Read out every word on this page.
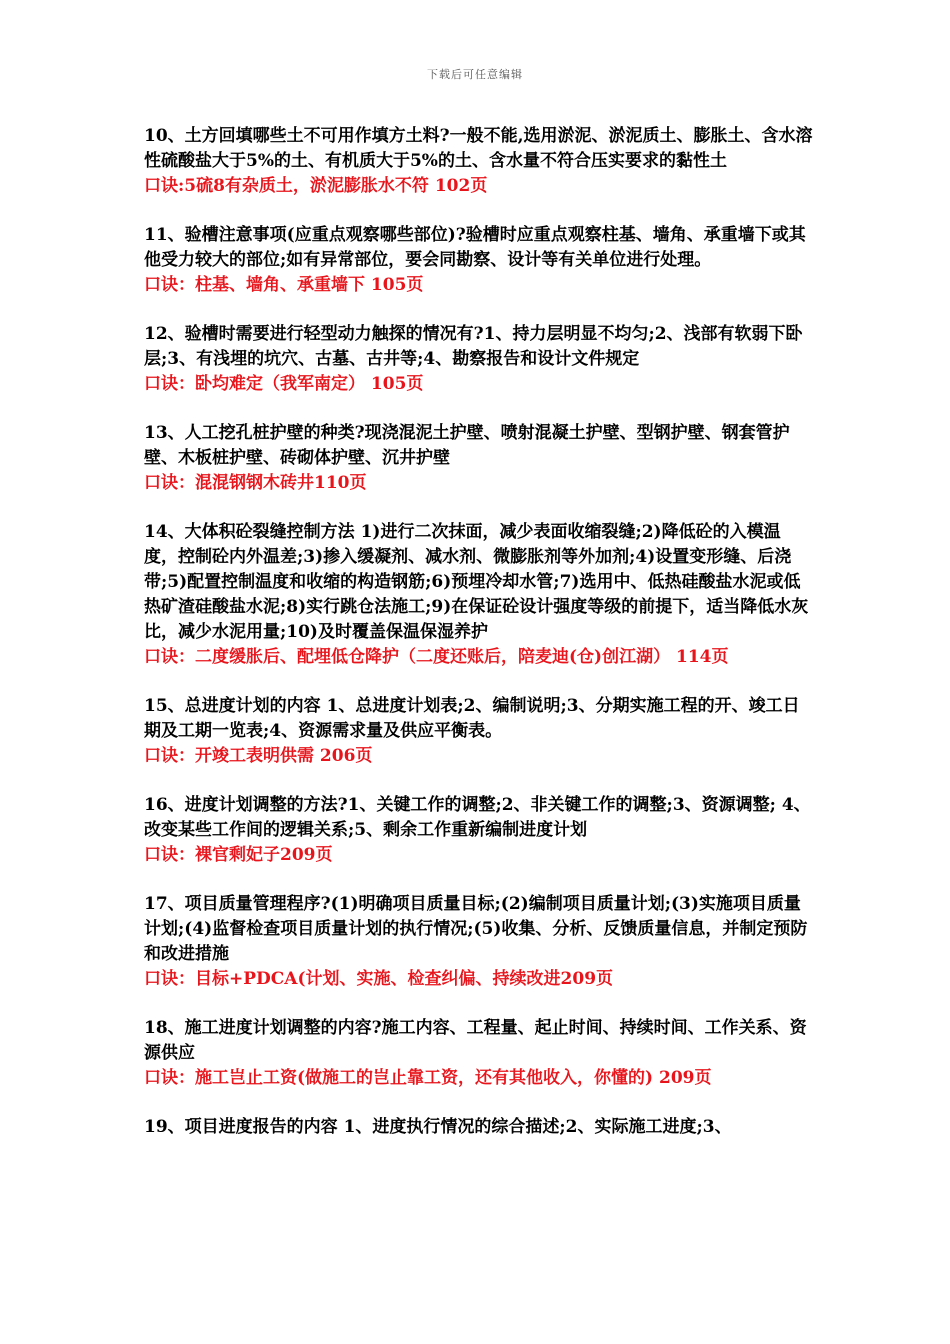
下载后可任意编辑

10、土方回填哪些土不可用作填方土料?一般不能,选用淤泥、淤泥质土、膨胀土、含水溶性硫酸盐大于5%的土、有机质大于5%的土、含水量不符合压实要求的黏性土

口诀:5硫8有杂质土，淤泥膨胀水不符 102页

11、验槽注意事项(应重点观察哪些部位)?验槽时应重点观察柱基、墙角、承重墙下或其他受力较大的部位;如有异常部位，要会同勘察、设计等有关单位进行处理。

口诀：柱基、墙角、承重墙下 105页

12、验槽时需要进行轻型动力触探的情况有?1、持力层明显不均匀;2、浅部有软弱下卧层;3、有浅埋的坑穴、古墓、古井等;4、勘察报告和设计文件规定

口诀：卧均难定（我军南定） 105页

13、人工挖孔桩护壁的种类?现浇混泥土护壁、喷射混凝土护壁、型钢护壁、钢套管护壁、木板桩护壁、砖砌体护壁、沉井护壁

口诀：混混钢钢木砖井110页

14、大体积砼裂缝控制方法 1)进行二次抹面，减少表面收缩裂缝;2)降低砼的入模温度，控制砼内外温差;3)掺入缓凝剂、减水剂、微膨胀剂等外加剂;4)设置变形缝、后浇带;5)配置控制温度和收缩的构造钢筋;6)预埋冷却水管;7)选用中、低热硅酸盐水泥或低热矿渣硅酸盐水泥;8)实行跳仓法施工;9)在保证砼设计强度等级的前提下，适当降低水灰比，减少水泥用量;10)及时覆盖保温保湿养护

口诀：二度缓胀后、配埋低仓降护（二度还账后，陪麦迪(仓)创江湖） 114页

15、总进度计划的内容 1、总进度计划表;2、编制说明;3、分期实施工程的开、竣工日期及工期一览表;4、资源需求量及供应平衡表。

口诀：开竣工表明供需 206页

16、进度计划调整的方法?1、关键工作的调整;2、非关键工作的调整;3、资源调整; 4、改变某些工作间的逻辑关系;5、剩余工作重新编制进度计划

口诀：裸官剩妃子209页

17、项目质量管理程序?(1)明确项目质量目标;(2)编制项目质量计划;(3)实施项目质量计划;(4)监督检查项目质量计划的执行情况;(5)收集、分析、反馈质量信息，并制定预防和改进措施

口诀：目标+PDCA(计划、实施、检查纠偏、持续改进209页

18、施工进度计划调整的内容?施工内容、工程量、起止时间、持续时间、工作关系、资源供应

口诀：施工岂止工资(做施工的岂止靠工资，还有其他收入，你懂的) 209页

19、项目进度报告的内容 1、进度执行情况的综合描述;2、实际施工进度;3、
